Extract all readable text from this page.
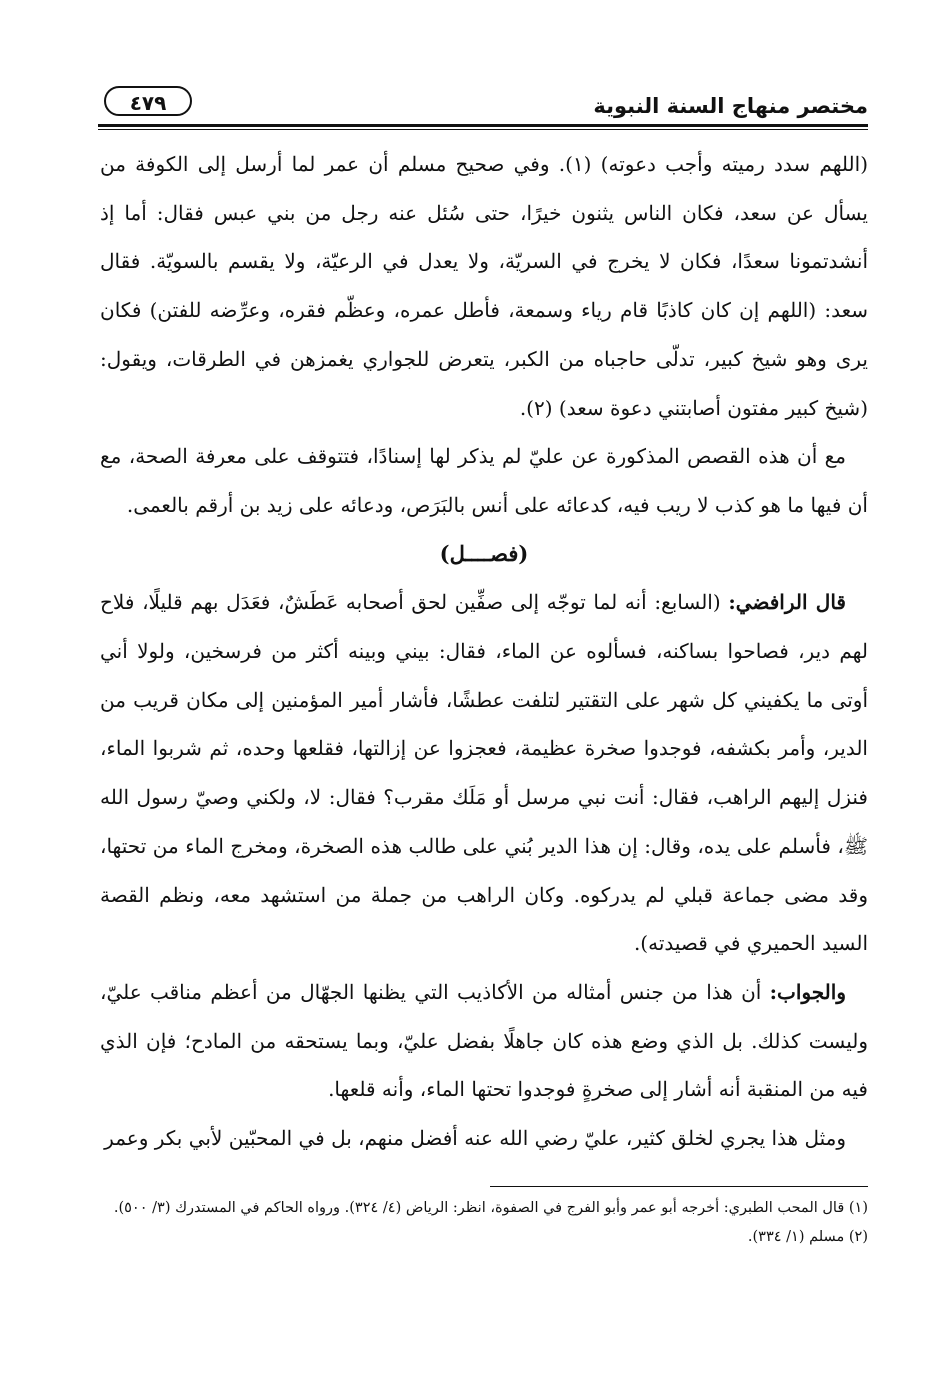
مختصر منهاج السنة النبوية
٤٧٩

(اللهم سدد رميته وأجب دعوته) (١). وفي صحيح مسلم أن عمر لما أرسل إلى الكوفة من يسأل عن سعد، فكان الناس يثنون خيرًا، حتى سُئل عنه رجل من بني عبس فقال: أما إذ أنشدتمونا سعدًا، فكان لا يخرج في السريّة، ولا يعدل في الرعيّة، ولا يقسم بالسويّة. فقال سعد: (اللهم إن كان كاذبًا قام رياء وسمعة، فأطل عمره، وعظّم فقره، وعرِّضه للفتن) فكان يرى وهو شيخ كبير، تدلّى حاجباه من الكبر، يتعرض للجواري يغمزهن في الطرقات، ويقول: (شيخ كبير مفتون أصابتني دعوة سعد) (٢).

مع أن هذه القصص المذكورة عن عليّ لم يذكر لها إسنادًا، فتتوقف على معرفة الصحة، مع أن فيها ما هو كذب لا ريب فيه، كدعائه على أنس بالبَرَص، ودعائه على زيد بن أرقم بالعمى.

(فصــــل)

قال الرافضي: (السابع: أنه لما توجّه إلى صفِّين لحق أصحابه عَطَشٌ، فعَدَل بهم قليلًا، فلاح لهم دير، فصاحوا بساكنه، فسألوه عن الماء، فقال: بيني وبينه أكثر من فرسخين، ولولا أني أوتى ما يكفيني كل شهر على التقتير لتلفت عطشًا، فأشار أمير المؤمنين إلى مكان قريب من الدير، وأمر بكشفه، فوجدوا صخرة عظيمة، فعجزوا عن إزالتها، فقلعها وحده، ثم شربوا الماء، فنزل إليهم الراهب، فقال: أنت نبي مرسل أو مَلَك مقرب؟ فقال: لا، ولكني وصيّ رسول الله ﷺ، فأسلم على يده، وقال: إن هذا الدير بُني على طالب هذه الصخرة، ومخرج الماء من تحتها، وقد مضى جماعة قبلي لم يدركوه. وكان الراهب من جملة من استشهد معه، ونظم القصة السيد الحميري في قصيدته).

والجواب: أن هذا من جنس أمثاله من الأكاذيب التي يظنها الجهّال من أعظم مناقب عليّ، وليست كذلك. بل الذي وضع هذه كان جاهلًا بفضل عليّ، وبما يستحقه من المادح؛ فإن الذي فيه من المنقبة أنه أشار إلى صخرةٍ فوجدوا تحتها الماء، وأنه قلعها.

ومثل هذا يجري لخلق كثير، عليّ رضي الله عنه أفضل منهم، بل في المحبّين لأبي بكر وعمر

(١) قال المحب الطبري: أخرجه أبو عمر وأبو الفرج في الصفوة، انظر: الرياض (٤/ ٣٢٤). ورواه الحاكم في المستدرك (٣/ ٥٠٠).

(٢) مسلم (١/ ٣٣٤).
